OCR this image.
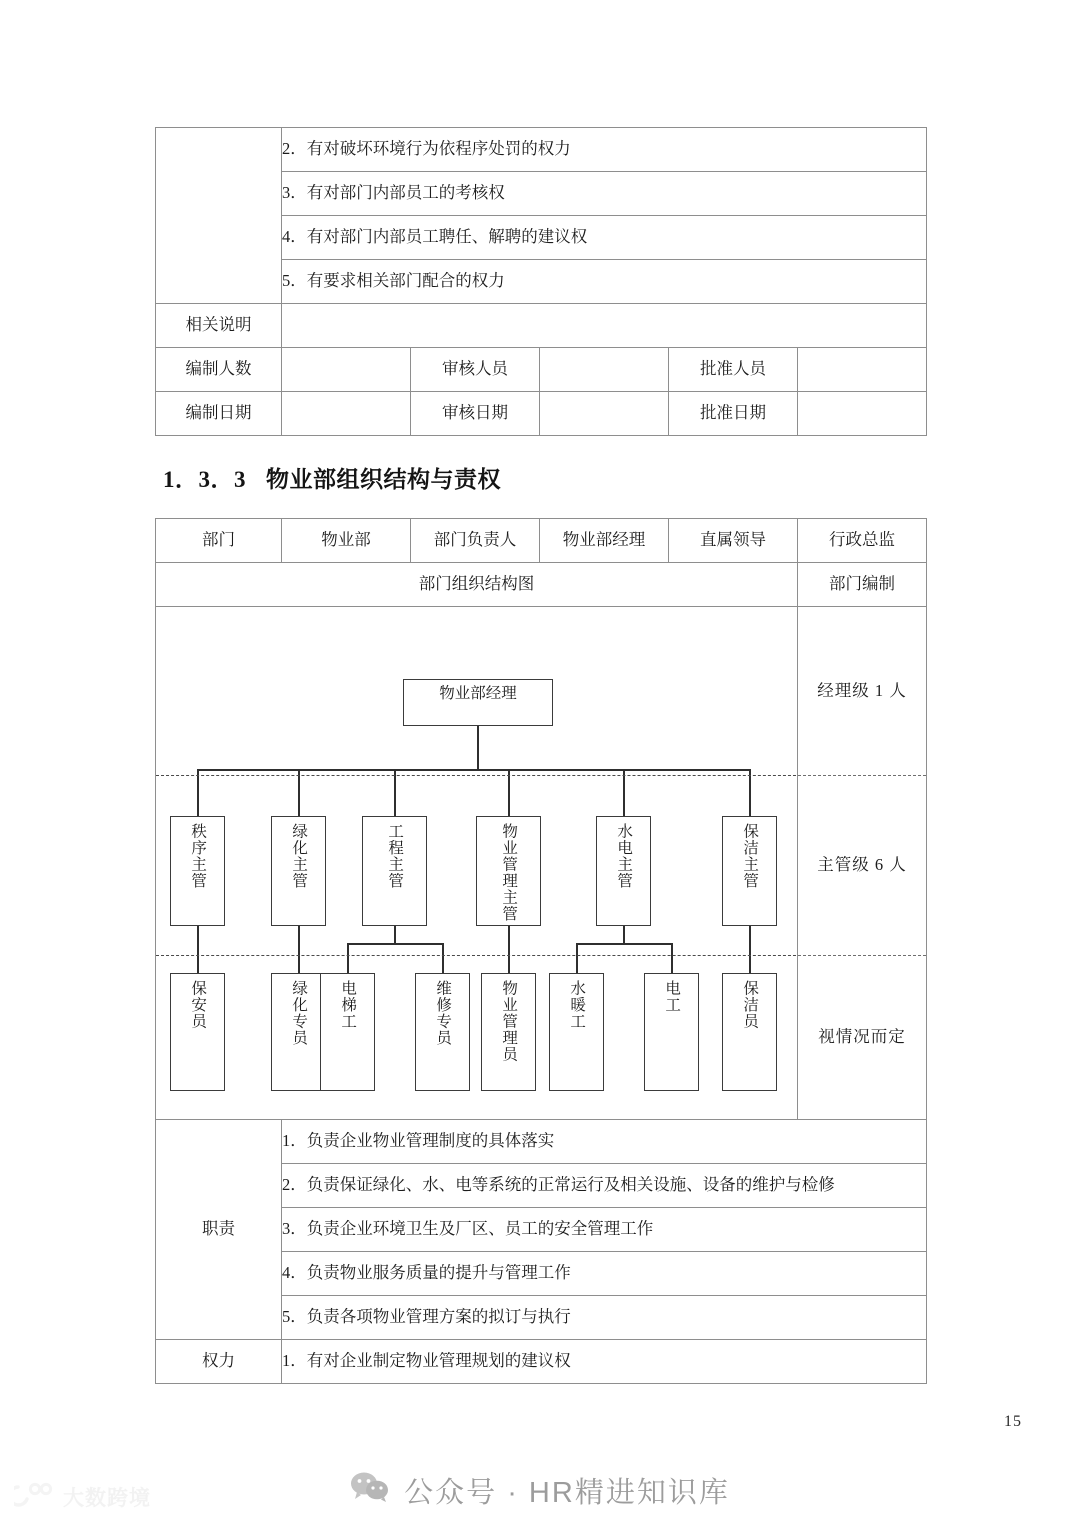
	2．有对破坏环境行为依程序处罚的权力				
	3．有对部门内部员工的考核权				
	4．有对部门内部员工聘任、解聘的建议权				
	5．有要求相关部门配合的权力				
相关说明					
编制人数		审核人员		批准人员	
编制日期		审核日期		批准日期	
1．3．3 物业部组织结构与责权
部门	物业部	部门负责人	物业部经理	直属领导	行政总监
部门组织结构图					部门编制

物业部经理
秩序主管	绿化主管	工程主管	物业管理主管	水电主管	保洁主管
保安员	绿化专员 电梯工	维修专员	物业管理员	水暖工	电工	保洁员

经理级 1 人
主管级 6 人
视情况而定

职责	1．负责企业物业管理制度的具体落实				
	2．负责保证绿化、水、电等系统的正常运行及相关设施、设备的维护与检修				
	3．负责企业环境卫生及厂区、员工的安全管理工作				
	4．负责物业服务质量的提升与管理工作				
	5．负责各项物业管理方案的拟订与执行				
权力	1．有对企业制定物业管理规划的建议权				
15
公众号 · HR精进知识库
大数跨境
